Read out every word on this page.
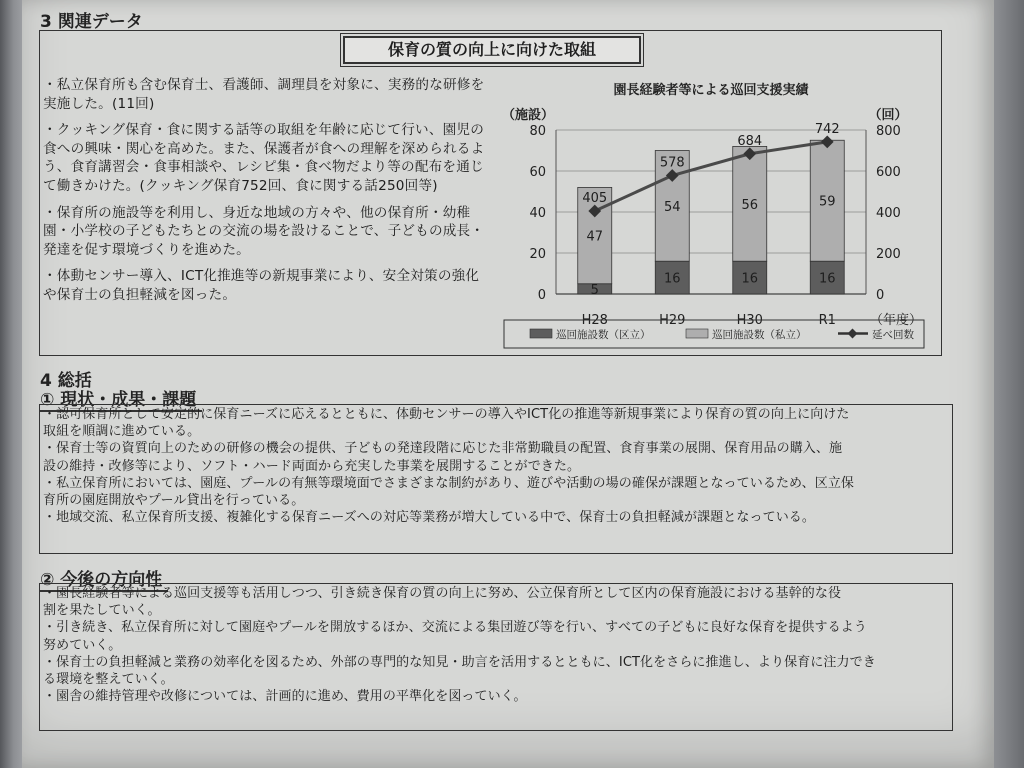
3 関連データ
保育の質の向上に向けた取組

・私立保育所も含む保育士、看護師、調理員を対象に、実務的な研修を実施した。(11回)

・クッキング保育・食に関する話等の取組を年齢に応じて行い、園児の食への興味・関心を高めた。また、保護者が食への理解を深められるよう、食育講習会・食事相談や、レシピ集・食べ物だより等の配布を通じて働きかけた。(クッキング保育752回、食に関する話250回等)

・保育所の施設等を利用し、身近な地域の方々や、他の保育所・幼稚園・小学校の子どもたちとの交流の場を設けることで、子どもの成長・発達を促す環境づくりを進めた。

・体動センサー導入、ICT化推進等の新規事業により、安全対策の強化や保育士の負担軽減を図った。

園長経験者等による巡回支援実績
（施設）	（回）
0
20
40
60
80
0
200
400
600
800
5
47
H28
16
54
H29
16
56
H30
16
59
R1
405
578
684
742
（年度）
巡回施設数（区立）	巡回施設数（私立）	延べ回数
4 総括
① 現状・成果・課題

・認可保育所として安定的に保育ニーズに応えるとともに、体動センサーの導入やICT化の推進等新規事業により保育の質の向上に向けた

取組を順調に進めている。

・保育士等の資質向上のための研修の機会の提供、子どもの発達段階に応じた非常勤職員の配置、食育事業の展開、保育用品の購入、施

設の維持・改修等により、ソフト・ハード両面から充実した事業を展開することができた。

・私立保育所においては、園庭、プールの有無等環境面でさまざまな制約があり、遊びや活動の場の確保が課題となっているため、区立保

育所の園庭開放やプール貸出を行っている。

・地域交流、私立保育所支援、複雑化する保育ニーズへの対応等業務が増大している中で、保育士の負担軽減が課題となっている。

② 今後の方向性

・園長経験者等による巡回支援等も活用しつつ、引き続き保育の質の向上に努め、公立保育所として区内の保育施設における基幹的な役

割を果たしていく。

・引き続き、私立保育所に対して園庭やプールを開放するほか、交流による集団遊び等を行い、すべての子どもに良好な保育を提供するよう

努めていく。

・保育士の負担軽減と業務の効率化を図るため、外部の専門的な知見・助言を活用するとともに、ICT化をさらに推進し、より保育に注力でき

る環境を整えていく。

・園舎の維持管理や改修については、計画的に進め、費用の平準化を図っていく。
